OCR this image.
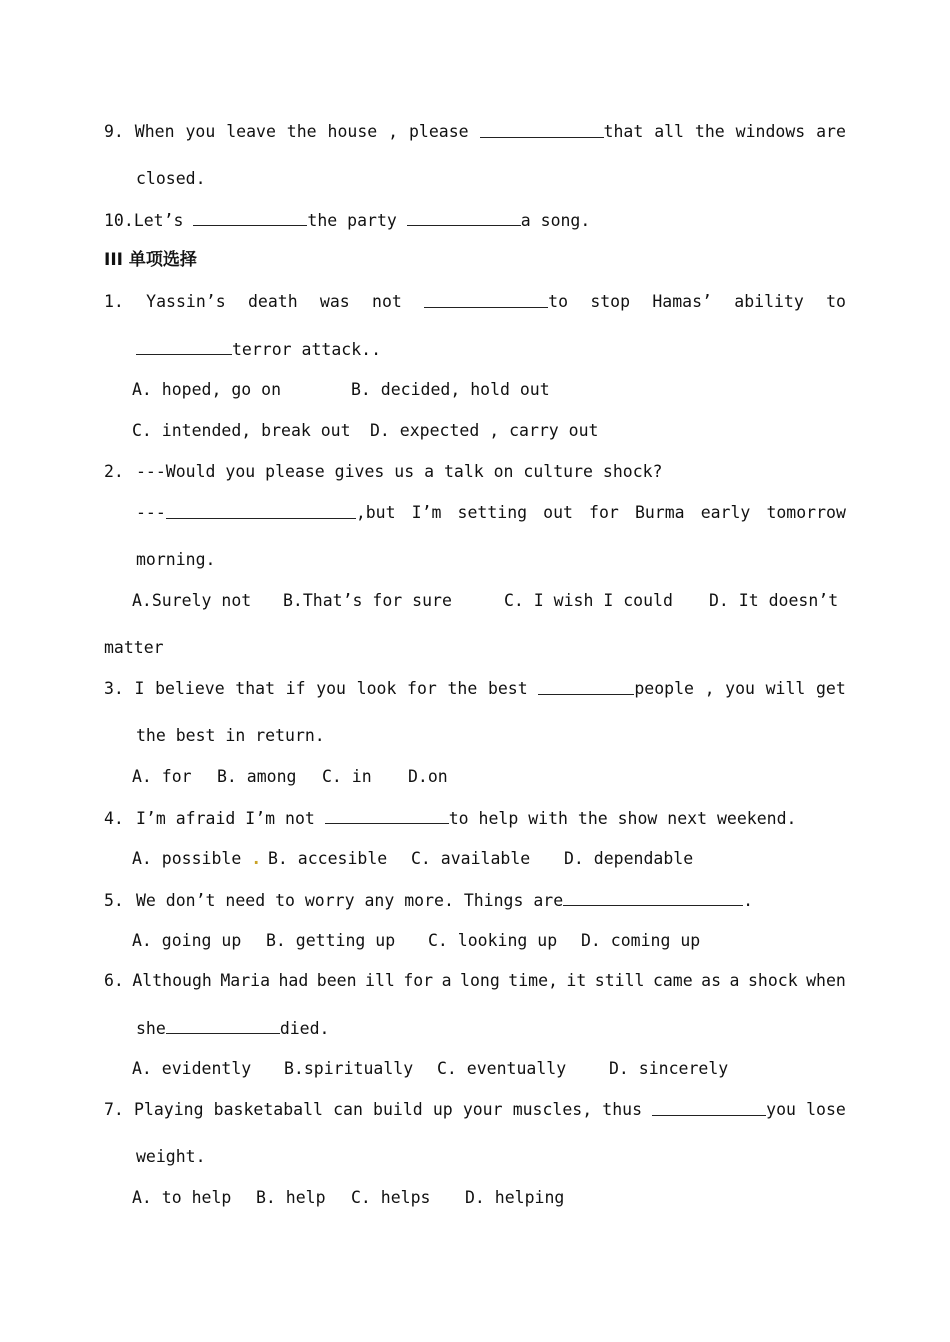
9. When you leave the house , please	that all the windows are
closed.
10.Let’s	the party	a song.
III 单项选择
1. Yassin’s death was not	to stop Hamas’ ability to
terror attack..
A. hoped, go on	B. decided, hold out
C. intended, break out	D. expected , carry out
2. ---Would you please gives us a talk on culture shock?
---	,but I’m setting out for Burma early tomorrow
morning.
A.Surely not	B.That’s for sure	C. I wish I could	D. It doesn’t
matter
3. I believe that if you look for the best	people , you will get
the best in return.
A. for	B. among	C. in	D.on
4. I’m afraid I’m not	to help with the show next weekend.
A. possible . B. accesible	C. available	D. dependable
5. We don’t need to worry any more. Things are	.
A. going up	B. getting up	C. looking up	D. coming up
6. Although Maria had been ill for a long time, it still came as a shock when
she	died.
A. evidently	B.spiritually	C. eventually	D. sincerely
7. Playing basketaball can build up your muscles, thus	you lose
weight.
A. to help	B. help	C. helps	D. helping
